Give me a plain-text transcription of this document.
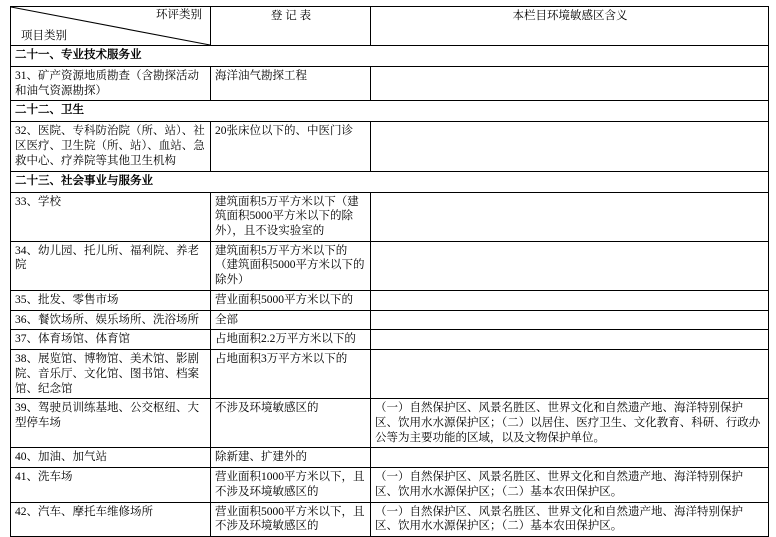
环评类别
项目类别	登 记 表	本栏目环境敏感区含义
二十一、专业技术服务业		
31、矿产资源地质勘查（含勘探活动和油气资源勘探）	海洋油气勘探工程	
二十二、卫生		
32、医院、专科防治院（所、站）、社区医疗、卫生院（所、站）、血站、急救中心、疗养院等其他卫生机构	20张床位以下的、中医门诊	
二十三、社会事业与服务业		
33、学校	建筑面积5万平方米以下（建筑面积5000平方米以下的除外），且不设实验室的	
34、幼儿园、托儿所、福利院、养老院	建筑面积5万平方米以下的（建筑面积5000平方米以下的除外）	
35、批发、零售市场	营业面积5000平方米以下的	
36、餐饮场所、娱乐场所、洗浴场所	全部	
37、体育场馆、体育馆	占地面积2.2万平方米以下的	
38、展览馆、博物馆、美术馆、影剧院、音乐厅、文化馆、图书馆、档案馆、纪念馆	占地面积3万平方米以下的	
39、驾驶员训练基地、公交枢纽、大型停车场	不涉及环境敏感区的	（一）自然保护区、风景名胜区、世界文化和自然遗产地、海洋特别保护区、饮用水水源保护区；（二）以居住、医疗卫生、文化教育、科研、行政办公等为主要功能的区域，以及文物保护单位。
40、加油、加气站	除新建、扩建外的	
41、洗车场	营业面积1000平方米以下，且不涉及环境敏感区的	（一）自然保护区、风景名胜区、世界文化和自然遗产地、海洋特别保护区、饮用水水源保护区；（二）基本农田保护区。
42、汽车、摩托车维修场所	营业面积5000平方米以下，且不涉及环境敏感区的	（一）自然保护区、风景名胜区、世界文化和自然遗产地、海洋特别保护区、饮用水水源保护区；（二）基本农田保护区。
